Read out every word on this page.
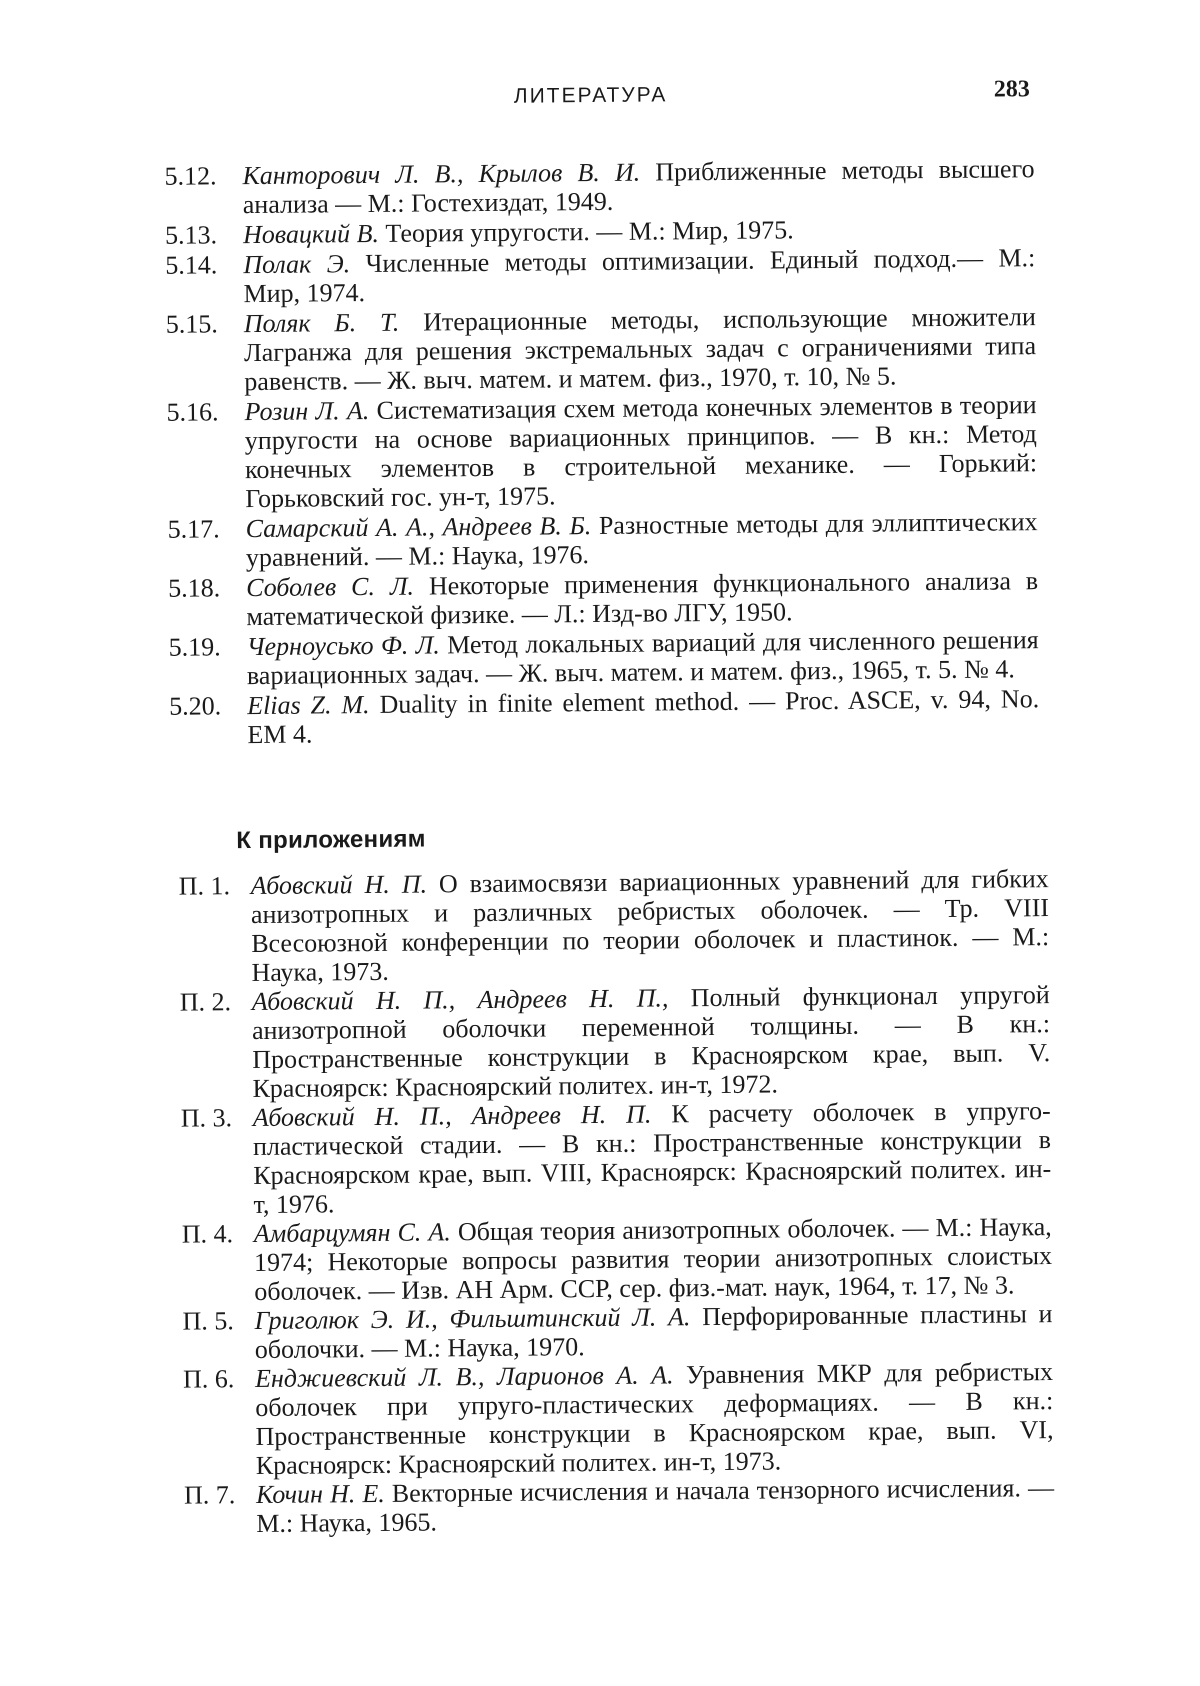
ЛИТЕРАТУРА	283
5.12. Канторович Л. В., Крылов В. И. Приближенные методы высшего анализа — М.: Гостехиздат, 1949.
5.13. Новацкий В. Теория упругости. — М.: Мир, 1975.
5.14. Полак Э. Численные методы оптимизации. Единый подход.— М.: Мир, 1974.
5.15. Поляк Б. Т. Итерационные методы, использующие множители Лагранжа для решения экстремальных задач с ограничениями типа равенств. — Ж. выч. матем. и матем. физ., 1970, т. 10, № 5.
5.16. Розин Л. А. Систематизация схем метода конечных элементов в теории упругости на основе вариационных принципов. — В кн.: Метод конечных элементов в строительной механике. — Горький: Горьковский гос. ун-т, 1975.
5.17. Самарский А. А., Андреев В. Б. Разностные методы для эллиптических уравнений. — М.: Наука, 1976.
5.18. Соболев С. Л. Некоторые применения функционального анализа в математической физике. — Л.: Изд-во ЛГУ, 1950.
5.19. Черноусько Ф. Л. Метод локальных вариаций для численного решения вариационных задач. — Ж. выч. матем. и матем. физ., 1965, т. 5. № 4.
5.20. Elias Z. M. Duality in finite element method. — Proc. ASCE, v. 94, No. EM 4.
К приложениям
П. 1. Абовский Н. П. О взаимосвязи вариационных уравнений для гибких анизотропных и различных ребристых оболочек. — Тр. VIII Всесоюзной конференции по теории оболочек и пластинок. — М.: Наука, 1973.
П. 2. Абовский Н. П., Андреев Н. П., Полный функционал упругой анизотропной оболочки переменной толщины. — В кн.: Пространственные конструкции в Красноярском крае, вып. V. Красноярск: Красноярский политех. ин-т, 1972.
П. 3. Абовский Н. П., Андреев Н. П. К расчету оболочек в упруго-пластической стадии. — В кн.: Пространственные конструкции в Красноярском крае, вып. VIII, Красноярск: Красноярский политех. ин-т, 1976.
П. 4. Амбарцумян С. А. Общая теория анизотропных оболочек. — М.: Наука, 1974; Некоторые вопросы развития теории анизотропных слоистых оболочек. — Изв. АН Арм. ССР, сер. физ.-мат. наук, 1964, т. 17, № 3.
П. 5. Григолюк Э. И., Фильштинский Л. А. Перфорированные пластины и оболочки. — М.: Наука, 1970.
П. 6. Енджиевский Л. В., Ларионов А. А. Уравнения МКР для ребристых оболочек при упруго-пластических деформациях. — В кн.: Пространственные конструкции в Красноярском крае, вып. VI, Красноярск: Красноярский политех. ин-т, 1973.
П. 7. Кочин Н. Е. Векторные исчисления и начала тензорного исчисления. — М.: Наука, 1965.
